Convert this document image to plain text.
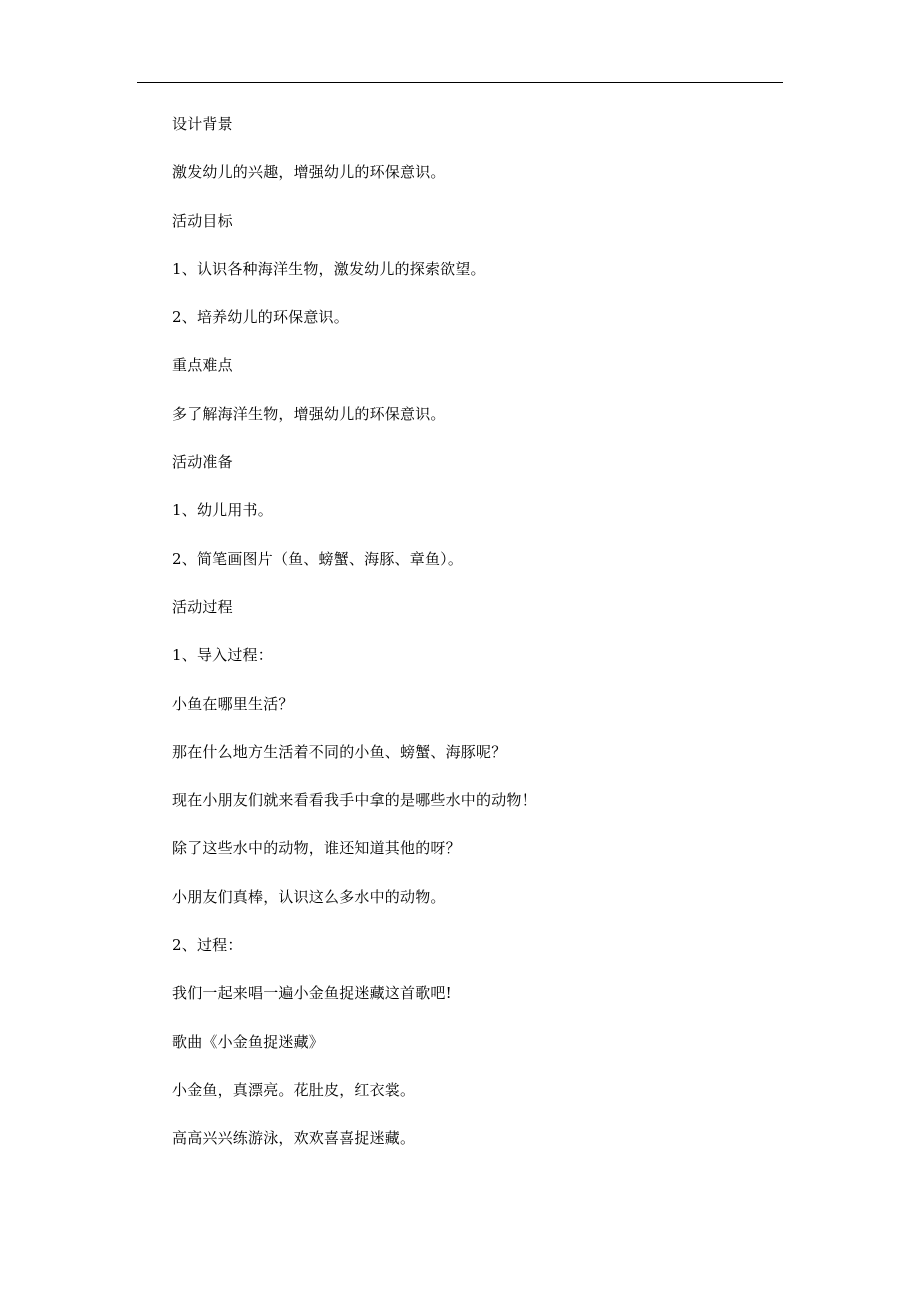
设计背景
激发幼儿的兴趣，增强幼儿的环保意识。
活动目标
1、认识各种海洋生物，激发幼儿的探索欲望。
2、培养幼儿的环保意识。
重点难点
多了解海洋生物，增强幼儿的环保意识。
活动准备
1、幼儿用书。
2、简笔画图片（鱼、螃蟹、海豚、章鱼）。
活动过程
1、导入过程：
小鱼在哪里生活？
那在什么地方生活着不同的小鱼、螃蟹、海豚呢？
现在小朋友们就来看看我手中拿的是哪些水中的动物！
除了这些水中的动物，谁还知道其他的呀？
小朋友们真棒，认识这么多水中的动物。
2、过程：
我们一起来唱一遍小金鱼捉迷藏这首歌吧!
歌曲《小金鱼捉迷藏》
小金鱼，真漂亮。花肚皮，红衣裳。
高高兴兴练游泳，欢欢喜喜捉迷藏。
